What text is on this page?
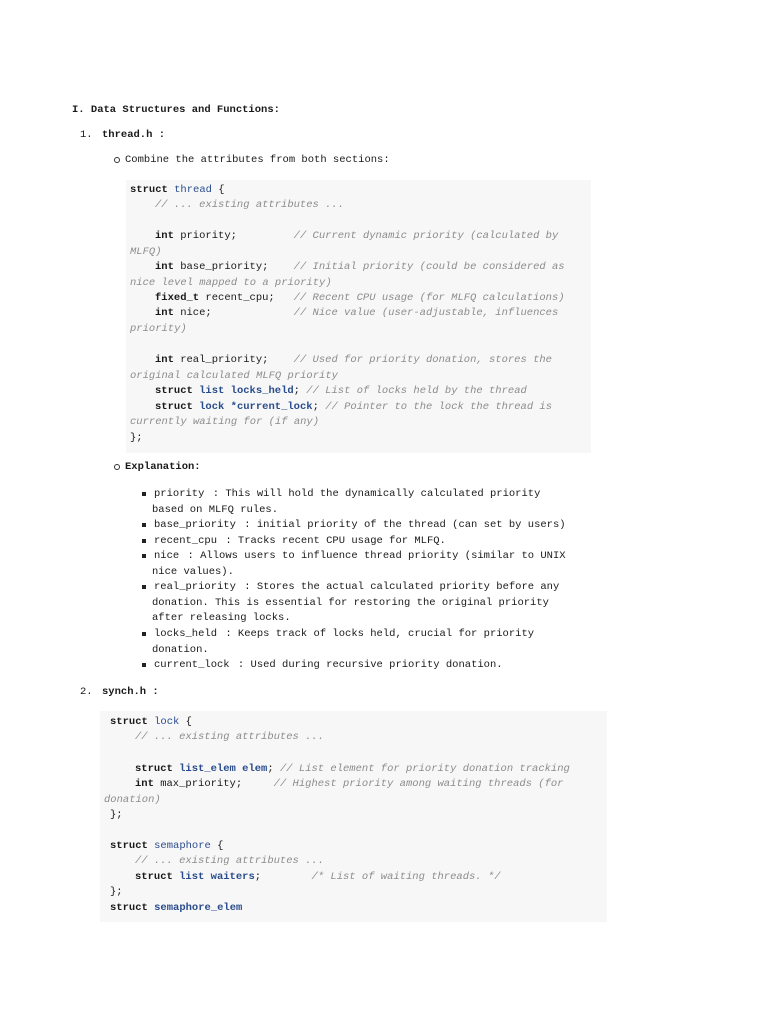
I. Data Structures and Functions:
1. thread.h :
Combine the attributes from both sections:
struct thread {
// ... existing attributes ...
int priority;         // Current dynamic priority (calculated by
MLFQ)
int base_priority;    // Initial priority (could be considered as
nice level mapped to a priority)
fixed_t recent_cpu;   // Recent CPU usage (for MLFQ calculations)
int nice;             // Nice value (user-adjustable, influences
priority)
int real_priority;    // Used for priority donation, stores the
original calculated MLFQ priority
struct list locks_held; // List of locks held by the thread
struct lock *current_lock; // Pointer to the lock the thread is
currently waiting for (if any)
};
Explanation:
priority : This will hold the dynamically calculated priority
based on MLFQ rules.
base_priority : initial priority of the thread (can set by users)
recent_cpu : Tracks recent CPU usage for MLFQ.
nice : Allows users to influence thread priority (similar to UNIX
nice values).
real_priority : Stores the actual calculated priority before any
donation. This is essential for restoring the original priority
after releasing locks.
locks_held : Keeps track of locks held, crucial for priority
donation.
current_lock : Used during recursive priority donation.
2. synch.h :
struct lock {
// ... existing attributes ...
struct list_elem elem; // List element for priority donation tracking
int max_priority;     // Highest priority among waiting threads (for
donation)
};
struct semaphore {
// ... existing attributes ...
struct list waiters;        /* List of waiting threads. */
};
struct semaphore_elem
